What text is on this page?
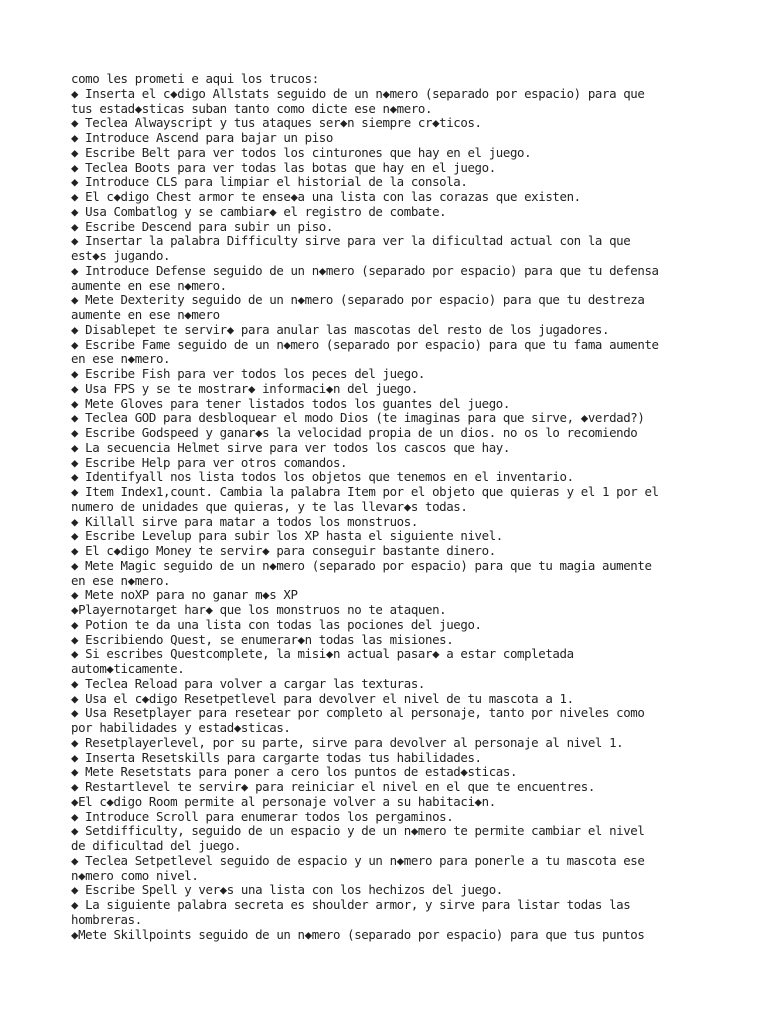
como les prometi e aqui los trucos:
◆ Inserta el c◆digo Allstats seguido de un n◆mero (separado por espacio) para que
tus estad◆sticas suban tanto como dicte ese n◆mero.
◆ Teclea Alwayscript y tus ataques ser◆n siempre cr◆ticos.
◆ Introduce Ascend para bajar un piso
◆ Escribe Belt para ver todos los cinturones que hay en el juego.
◆ Teclea Boots para ver todas las botas que hay en el juego.
◆ Introduce CLS para limpiar el historial de la consola.
◆ El c◆digo Chest armor te ense◆a una lista con las corazas que existen.
◆ Usa Combatlog y se cambiar◆ el registro de combate.
◆ Escribe Descend para subir un piso.
◆ Insertar la palabra Difficulty sirve para ver la dificultad actual con la que
est◆s jugando.
◆ Introduce Defense seguido de un n◆mero (separado por espacio) para que tu defensa
aumente en ese n◆mero.
◆ Mete Dexterity seguido de un n◆mero (separado por espacio) para que tu destreza
aumente en ese n◆mero
◆ Disablepet te servir◆ para anular las mascotas del resto de los jugadores.
◆ Escribe Fame seguido de un n◆mero (separado por espacio) para que tu fama aumente
en ese n◆mero.
◆ Escribe Fish para ver todos los peces del juego.
◆ Usa FPS y se te mostrar◆ informaci◆n del juego.
◆ Mete Gloves para tener listados todos los guantes del juego.
◆ Teclea GOD para desbloquear el modo Dios (te imaginas para que sirve, ◆verdad?)
◆ Escribe Godspeed y ganar◆s la velocidad propia de un dios. no os lo recomiendo
◆ La secuencia Helmet sirve para ver todos los cascos que hay.
◆ Escribe Help para ver otros comandos.
◆ Identifyall nos lista todos los objetos que tenemos en el inventario.
◆ Item Index1,count. Cambia la palabra Item por el objeto que quieras y el 1 por el
numero de unidades que quieras, y te las llevar◆s todas.
◆ Killall sirve para matar a todos los monstruos.
◆ Escribe Levelup para subir los XP hasta el siguiente nivel.
◆ El c◆digo Money te servir◆ para conseguir bastante dinero.
◆ Mete Magic seguido de un n◆mero (separado por espacio) para que tu magia aumente
en ese n◆mero.
◆ Mete noXP para no ganar m◆s XP
◆Playernotarget har◆ que los monstruos no te ataquen.
◆ Potion te da una lista con todas las pociones del juego.
◆ Escribiendo Quest, se enumerar◆n todas las misiones.
◆ Si escribes Questcomplete, la misi◆n actual pasar◆ a estar completada
autom◆ticamente.
◆ Teclea Reload para volver a cargar las texturas.
◆ Usa el c◆digo Resetpetlevel para devolver el nivel de tu mascota a 1.
◆ Usa Resetplayer para resetear por completo al personaje, tanto por niveles como
por habilidades y estad◆sticas.
◆ Resetplayerlevel, por su parte, sirve para devolver al personaje al nivel 1.
◆ Inserta Resetskills para cargarte todas tus habilidades.
◆ Mete Resetstats para poner a cero los puntos de estad◆sticas.
◆ Restartlevel te servir◆ para reiniciar el nivel en el que te encuentres.
◆El c◆digo Room permite al personaje volver a su habitaci◆n.
◆ Introduce Scroll para enumerar todos los pergaminos.
◆ Setdifficulty, seguido de un espacio y de un n◆mero te permite cambiar el nivel
de dificultad del juego.
◆ Teclea Setpetlevel seguido de espacio y un n◆mero para ponerle a tu mascota ese
n◆mero como nivel.
◆ Escribe Spell y ver◆s una lista con los hechizos del juego.
◆ La siguiente palabra secreta es shoulder armor, y sirve para listar todas las
hombreras.
◆Mete Skillpoints seguido de un n◆mero (separado por espacio) para que tus puntos
